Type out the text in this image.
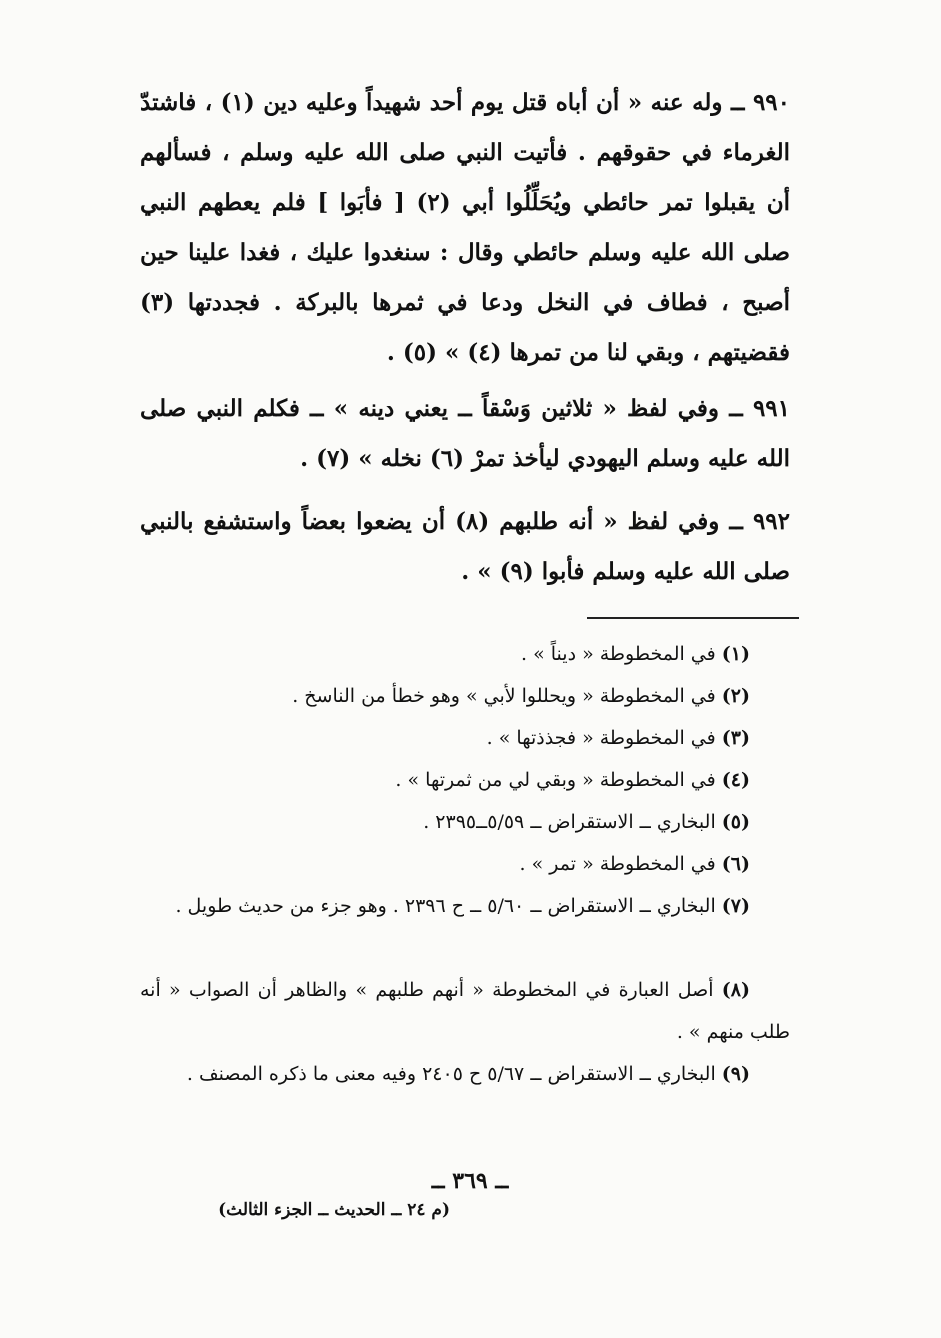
٩٩٠ ــ وله عنه « أن أباه قتل يوم أحد شهيداً وعليه دين (١) ، فاشتدّ الغرماء في حقوقهم . فأتيت النبي صلى الله عليه وسلم ، فسألهم أن يقبلوا تمر حائطي ويُحَلِّلُوا أبي (٢) [ فأبَوا ] فلم يعطهم النبي صلى الله عليه وسلم حائطي وقال : سنغدوا عليك ، فغدا علينا حين أصبح ، فطاف في النخل ودعا في ثمرها بالبركة . فجددتها (٣) فقضيتهم ، وبقي لنا من تمرها (٤) » (٥) .

٩٩١ ــ وفي لفظ « ثلاثين وَسْقاً ــ يعني دينه » ــ فكلم النبي صلى الله عليه وسلم اليهودي ليأخذ تمرْ (٦) نخله » (٧) .

٩٩٢ ــ وفي لفظ « أنه طلبهم (٨) أن يضعوا بعضاً واستشفع بالنبي صلى الله عليه وسلم فأبوا (٩) » .

(١) في المخطوطة « ديناً » .
(٢) في المخطوطة « ويحللوا لأبي » وهو خطأ من الناسخ .
(٣) في المخطوطة « فجذذتها » .
(٤) في المخطوطة « وبقي لي من ثمرتها » .
(٥) البخاري ــ الاستقراض ــ ٥/٥٩ــ٢٣٩٥ .
(٦) في المخطوطة « تمر » .
(٧) البخاري ــ الاستقراض ــ ٥/٦٠ ــ ح ٢٣٩٦ . وهو جزء من حديث طويل .
(٨) أصل العبارة في المخطوطة « أنهم طلبهم » والظاهر أن الصواب « أنه طلب منهم » .
(٩) البخاري ــ الاستقراض ــ ٥/٦٧ ح ٢٤٠٥ وفيه معنى ما ذكره المصنف .
ــ ٣٦٩ ــ
(م ٢٤ ــ الحديث ــ الجزء الثالث)
